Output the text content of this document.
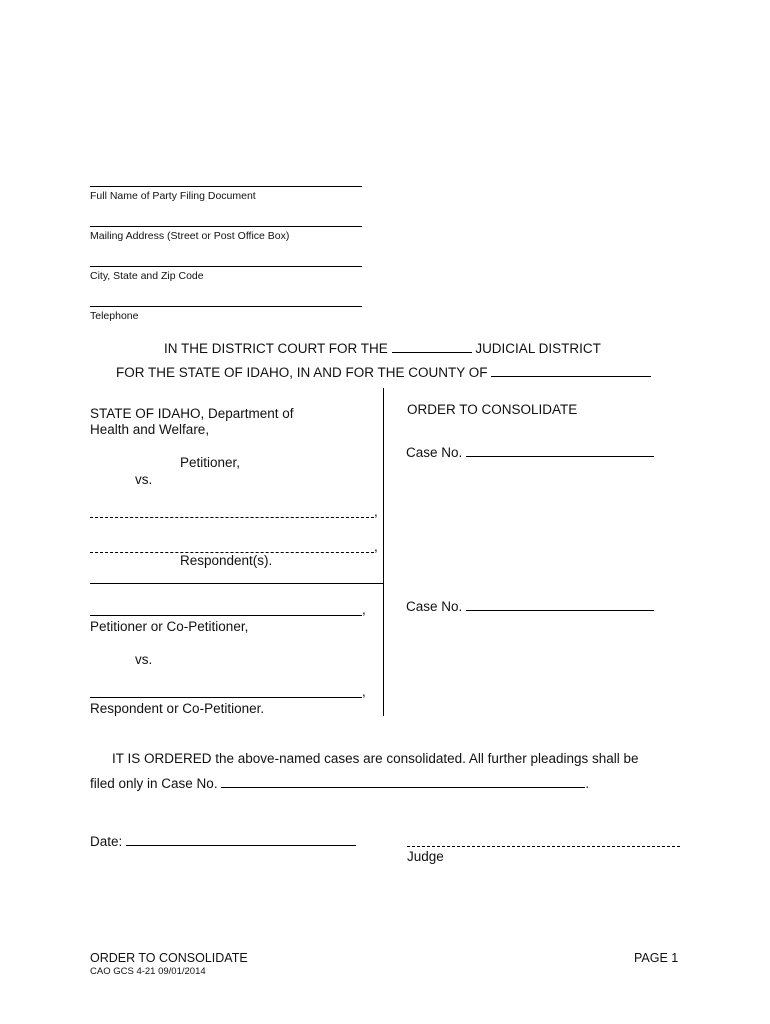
Full Name of Party Filing Document
Mailing Address (Street or Post Office Box)
City, State and Zip Code
Telephone
IN THE DISTRICT COURT FOR THE	JUDICIAL DISTRICT
FOR THE STATE OF IDAHO, IN AND FOR THE COUNTY OF
STATE OF IDAHO, Department of
Health and Welfare,
Petitioner,
vs.
,
,
Respondent(s).
,
Petitioner or Co-Petitioner,
vs.
,
Respondent or Co-Petitioner.
ORDER TO CONSOLIDATE
Case No.
Case No.
IT IS ORDERED the above-named cases are consolidated. All further pleadings shall be
filed only in Case No.	.
Date:
Judge
ORDER TO CONSOLIDATE
CAO GCS 4-21 09/01/2014
PAGE 1
